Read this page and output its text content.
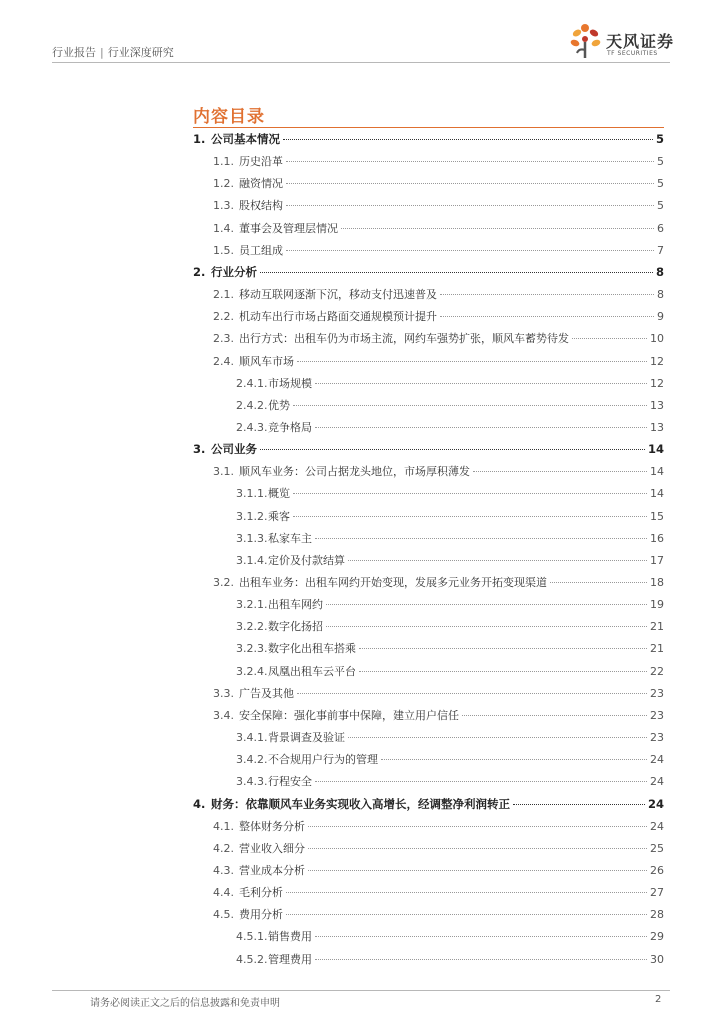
行业报告 | 行业深度研究
天风证券
TF SECURITIES
内容目录
1. 公司基本情况	5
1.1. 历史沿革	5
1.2. 融资情况	5
1.3. 股权结构	5
1.4. 董事会及管理层情况	6
1.5. 员工组成	7
2. 行业分析	8
2.1. 移动互联网逐渐下沉，移动支付迅速普及	8
2.2. 机动车出行市场占路面交通规模预计提升	9
2.3. 出行方式：出租车仍为市场主流，网约车强势扩张，顺风车蓄势待发	10
2.4. 顺风车市场	12
2.4.1. 市场规模	12
2.4.2. 优势	13
2.4.3. 竞争格局	13
3. 公司业务	14
3.1. 顺风车业务：公司占据龙头地位，市场厚积薄发	14
3.1.1. 概览	14
3.1.2. 乘客	15
3.1.3. 私家车主	16
3.1.4. 定价及付款结算	17
3.2. 出租车业务：出租车网约开始变现，发展多元业务开拓变现渠道	18
3.2.1. 出租车网约	19
3.2.2. 数字化扬招	21
3.2.3. 数字化出租车搭乘	21
3.2.4. 凤凰出租车云平台	22
3.3. 广告及其他	23
3.4. 安全保障：强化事前事中保障，建立用户信任	23
3.4.1. 背景调查及验证	23
3.4.2. 不合规用户行为的管理	24
3.4.3. 行程安全	24
4. 财务：依靠顺风车业务实现收入高增长，经调整净利润转正	24
4.1. 整体财务分析	24
4.2. 营业收入细分	25
4.3. 营业成本分析	26
4.4. 毛利分析	27
4.5. 费用分析	28
4.5.1. 销售费用	29
4.5.2. 管理费用	30
请务必阅读正文之后的信息披露和免责申明	2
